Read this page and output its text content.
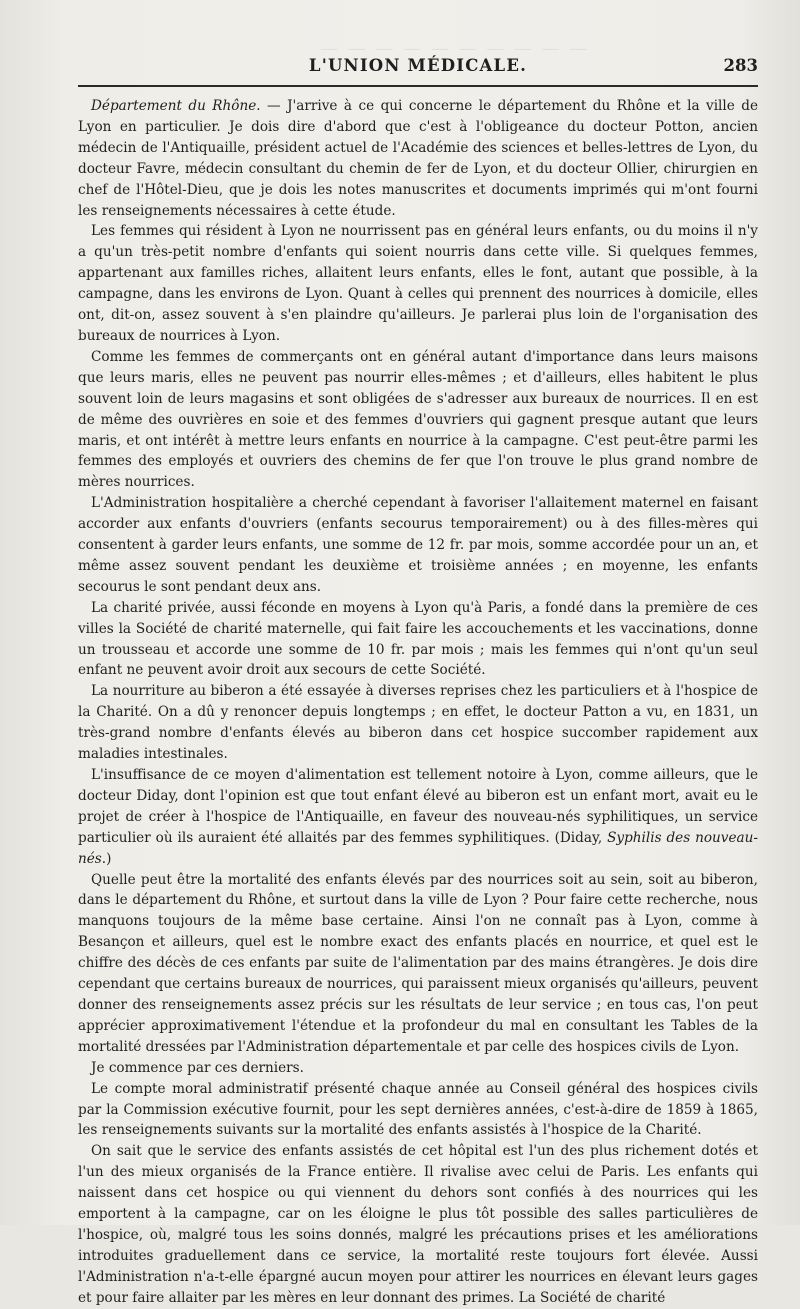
— — — — — — — — — —
L'UNION MÉDICALE.	283

Département du Rhône. — J'arrive à ce qui concerne le département du Rhône et la ville de Lyon en particulier. Je dois dire d'abord que c'est à l'obligeance du docteur Potton, ancien médecin de l'Antiquaille, président actuel de l'Académie des sciences et belles-lettres de Lyon, du docteur Favre, médecin consultant du chemin de fer de Lyon, et du docteur Ollier, chirurgien en chef de l'Hôtel-Dieu, que je dois les notes manuscrites et documents imprimés qui m'ont fourni les renseignements nécessaires à cette étude.

Les femmes qui résident à Lyon ne nourrissent pas en général leurs enfants, ou du moins il n'y a qu'un très-petit nombre d'enfants qui soient nourris dans cette ville. Si quelques femmes, appartenant aux familles riches, allaitent leurs enfants, elles le font, autant que possible, à la campagne, dans les environs de Lyon. Quant à celles qui prennent des nourrices à domicile, elles ont, dit-on, assez souvent à s'en plaindre qu'ailleurs. Je parlerai plus loin de l'organisation des bureaux de nourrices à Lyon.

Comme les femmes de commerçants ont en général autant d'importance dans leurs maisons que leurs maris, elles ne peuvent pas nourrir elles-mêmes ; et d'ailleurs, elles habitent le plus souvent loin de leurs magasins et sont obligées de s'adresser aux bureaux de nourrices. Il en est de même des ouvrières en soie et des femmes d'ouvriers qui gagnent presque autant que leurs maris, et ont intérêt à mettre leurs enfants en nourrice à la campagne. C'est peut-être parmi les femmes des employés et ouvriers des chemins de fer que l'on trouve le plus grand nombre de mères nourrices.

L'Administration hospitalière a cherché cependant à favoriser l'allaitement maternel en faisant accorder aux enfants d'ouvriers (enfants secourus temporairement) ou à des filles-mères qui consentent à garder leurs enfants, une somme de 12 fr. par mois, somme accordée pour un an, et même assez souvent pendant les deuxième et troisième années ; en moyenne, les enfants secourus le sont pendant deux ans.

La charité privée, aussi féconde en moyens à Lyon qu'à Paris, a fondé dans la première de ces villes la Société de charité maternelle, qui fait faire les accouchements et les vaccinations, donne un trousseau et accorde une somme de 10 fr. par mois ; mais les femmes qui n'ont qu'un seul enfant ne peuvent avoir droit aux secours de cette Société.

La nourriture au biberon a été essayée à diverses reprises chez les particuliers et à l'hospice de la Charité. On a dû y renoncer depuis longtemps ; en effet, le docteur Patton a vu, en 1831, un très-grand nombre d'enfants élevés au biberon dans cet hospice succomber rapidement aux maladies intestinales.

L'insuffisance de ce moyen d'alimentation est tellement notoire à Lyon, comme ailleurs, que le docteur Diday, dont l'opinion est que tout enfant élevé au biberon est un enfant mort, avait eu le projet de créer à l'hospice de l'Antiquaille, en faveur des nouveau-nés syphilitiques, un service particulier où ils auraient été allaités par des femmes syphilitiques. (Diday, Syphilis des nouveau-nés.)

Quelle peut être la mortalité des enfants élevés par des nourrices soit au sein, soit au biberon, dans le département du Rhône, et surtout dans la ville de Lyon ? Pour faire cette recherche, nous manquons toujours de la même base certaine. Ainsi l'on ne connaît pas à Lyon, comme à Besançon et ailleurs, quel est le nombre exact des enfants placés en nourrice, et quel est le chiffre des décès de ces enfants par suite de l'alimentation par des mains étrangères. Je dois dire cependant que certains bureaux de nourrices, qui paraissent mieux organisés qu'ailleurs, peuvent donner des renseignements assez précis sur les résultats de leur service ; en tous cas, l'on peut apprécier approximativement l'étendue et la profondeur du mal en consultant les Tables de la mortalité dressées par l'Administration départementale et par celle des hospices civils de Lyon.

Je commence par ces derniers.

Le compte moral administratif présenté chaque année au Conseil général des hospices civils par la Commission exécutive fournit, pour les sept dernières années, c'est-à-dire de 1859 à 1865, les renseignements suivants sur la mortalité des enfants assistés à l'hospice de la Charité.

On sait que le service des enfants assistés de cet hôpital est l'un des plus richement dotés et l'un des mieux organisés de la France entière. Il rivalise avec celui de Paris. Les enfants qui naissent dans cet hospice ou qui viennent du dehors sont confiés à des nourrices qui les emportent à la campagne, car on les éloigne le plus tôt possible des salles particulières de l'hospice, où, malgré tous les soins donnés, malgré les précautions prises et les améliorations introduites graduellement dans ce service, la mortalité reste toujours fort élevée. Aussi l'Administration n'a-t-elle épargné aucun moyen pour attirer les nourrices en élevant leurs gages et pour faire allaiter par les mères en leur donnant des primes. La Société de charité
